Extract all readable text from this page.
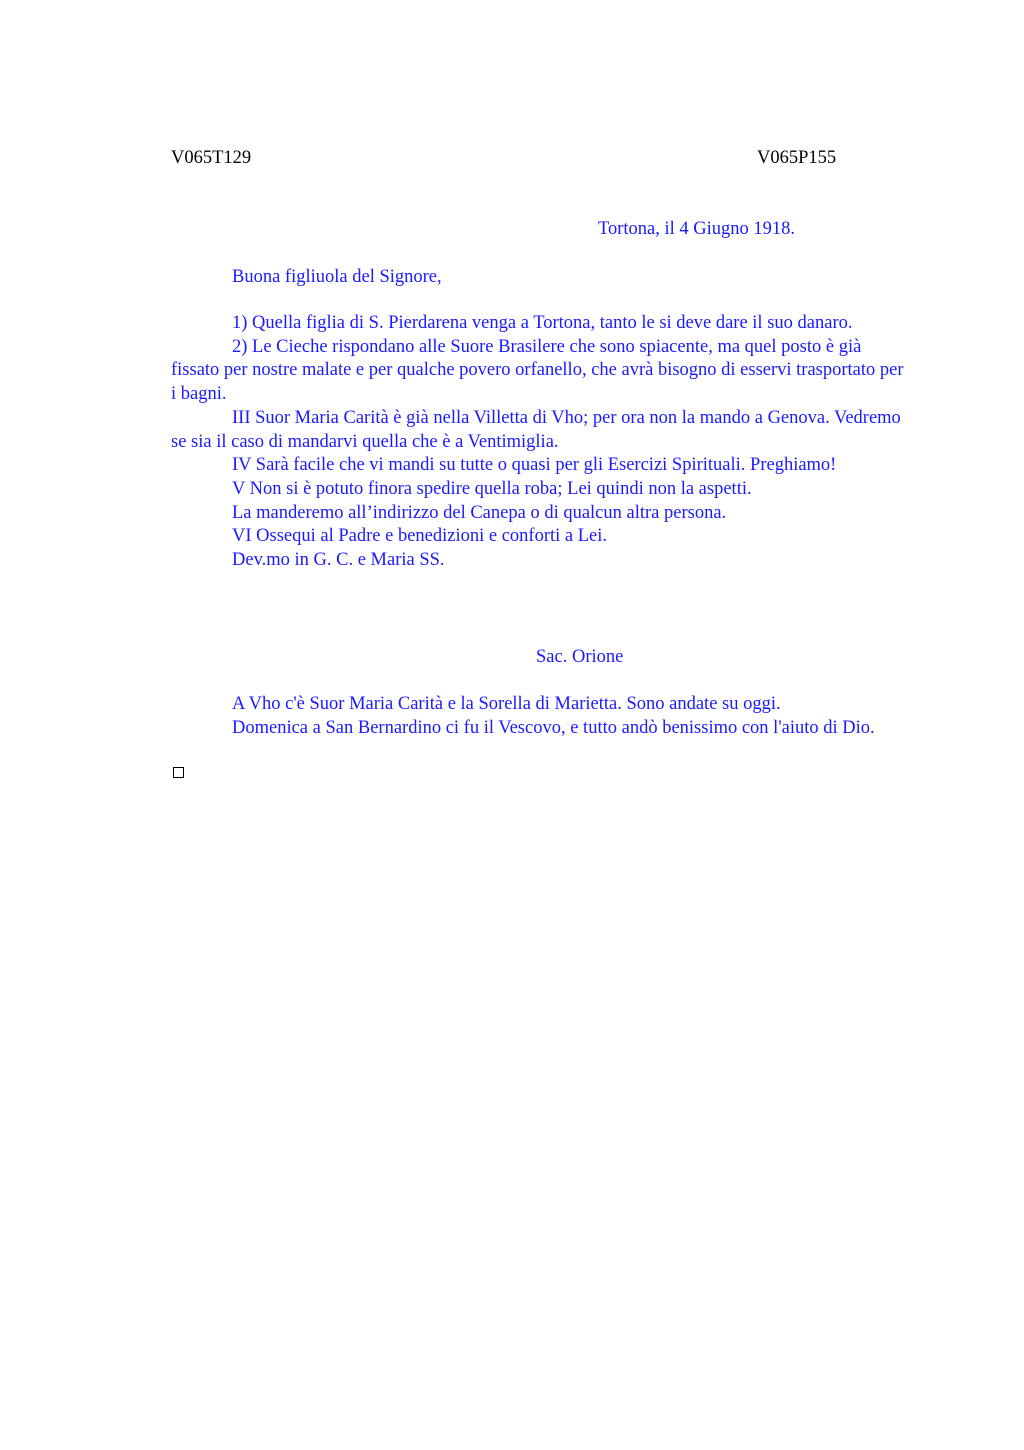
V065T129	V065P155
Tortona, il 4 Giugno 1918.
Buona figliuola del Signore,

1) Quella figlia di S. Pierdarena venga a Tortona, tanto le si deve dare il suo danaro.

2) Le Cieche rispondano alle Suore Brasilere che sono spiacente, ma quel posto è già fissato per nostre malate e per qualche povero orfanello, che avrà bisogno di esservi trasportato per i bagni.

III Suor Maria Carità è già nella Villetta di Vho; per ora non la mando a Genova. Vedremo se sia il caso di mandarvi quella che è a Ventimiglia.

IV Sarà facile che vi mandi su tutte o quasi per gli Esercizi Spirituali. Preghiamo!

V Non si è potuto finora spedire quella roba; Lei quindi non la aspetti.

La manderemo all’indirizzo del Canepa o di qualcun altra persona.

VI Ossequi al Padre e benedizioni e conforti a Lei.

Dev.mo in G. C. e Maria SS.

Sac. Orione

A Vho c'è Suor Maria Carità e la Sorella di Marietta. Sono andate su oggi.

Domenica a San Bernardino ci fu il Vescovo, e tutto andò benissimo con l'aiuto di Dio.
